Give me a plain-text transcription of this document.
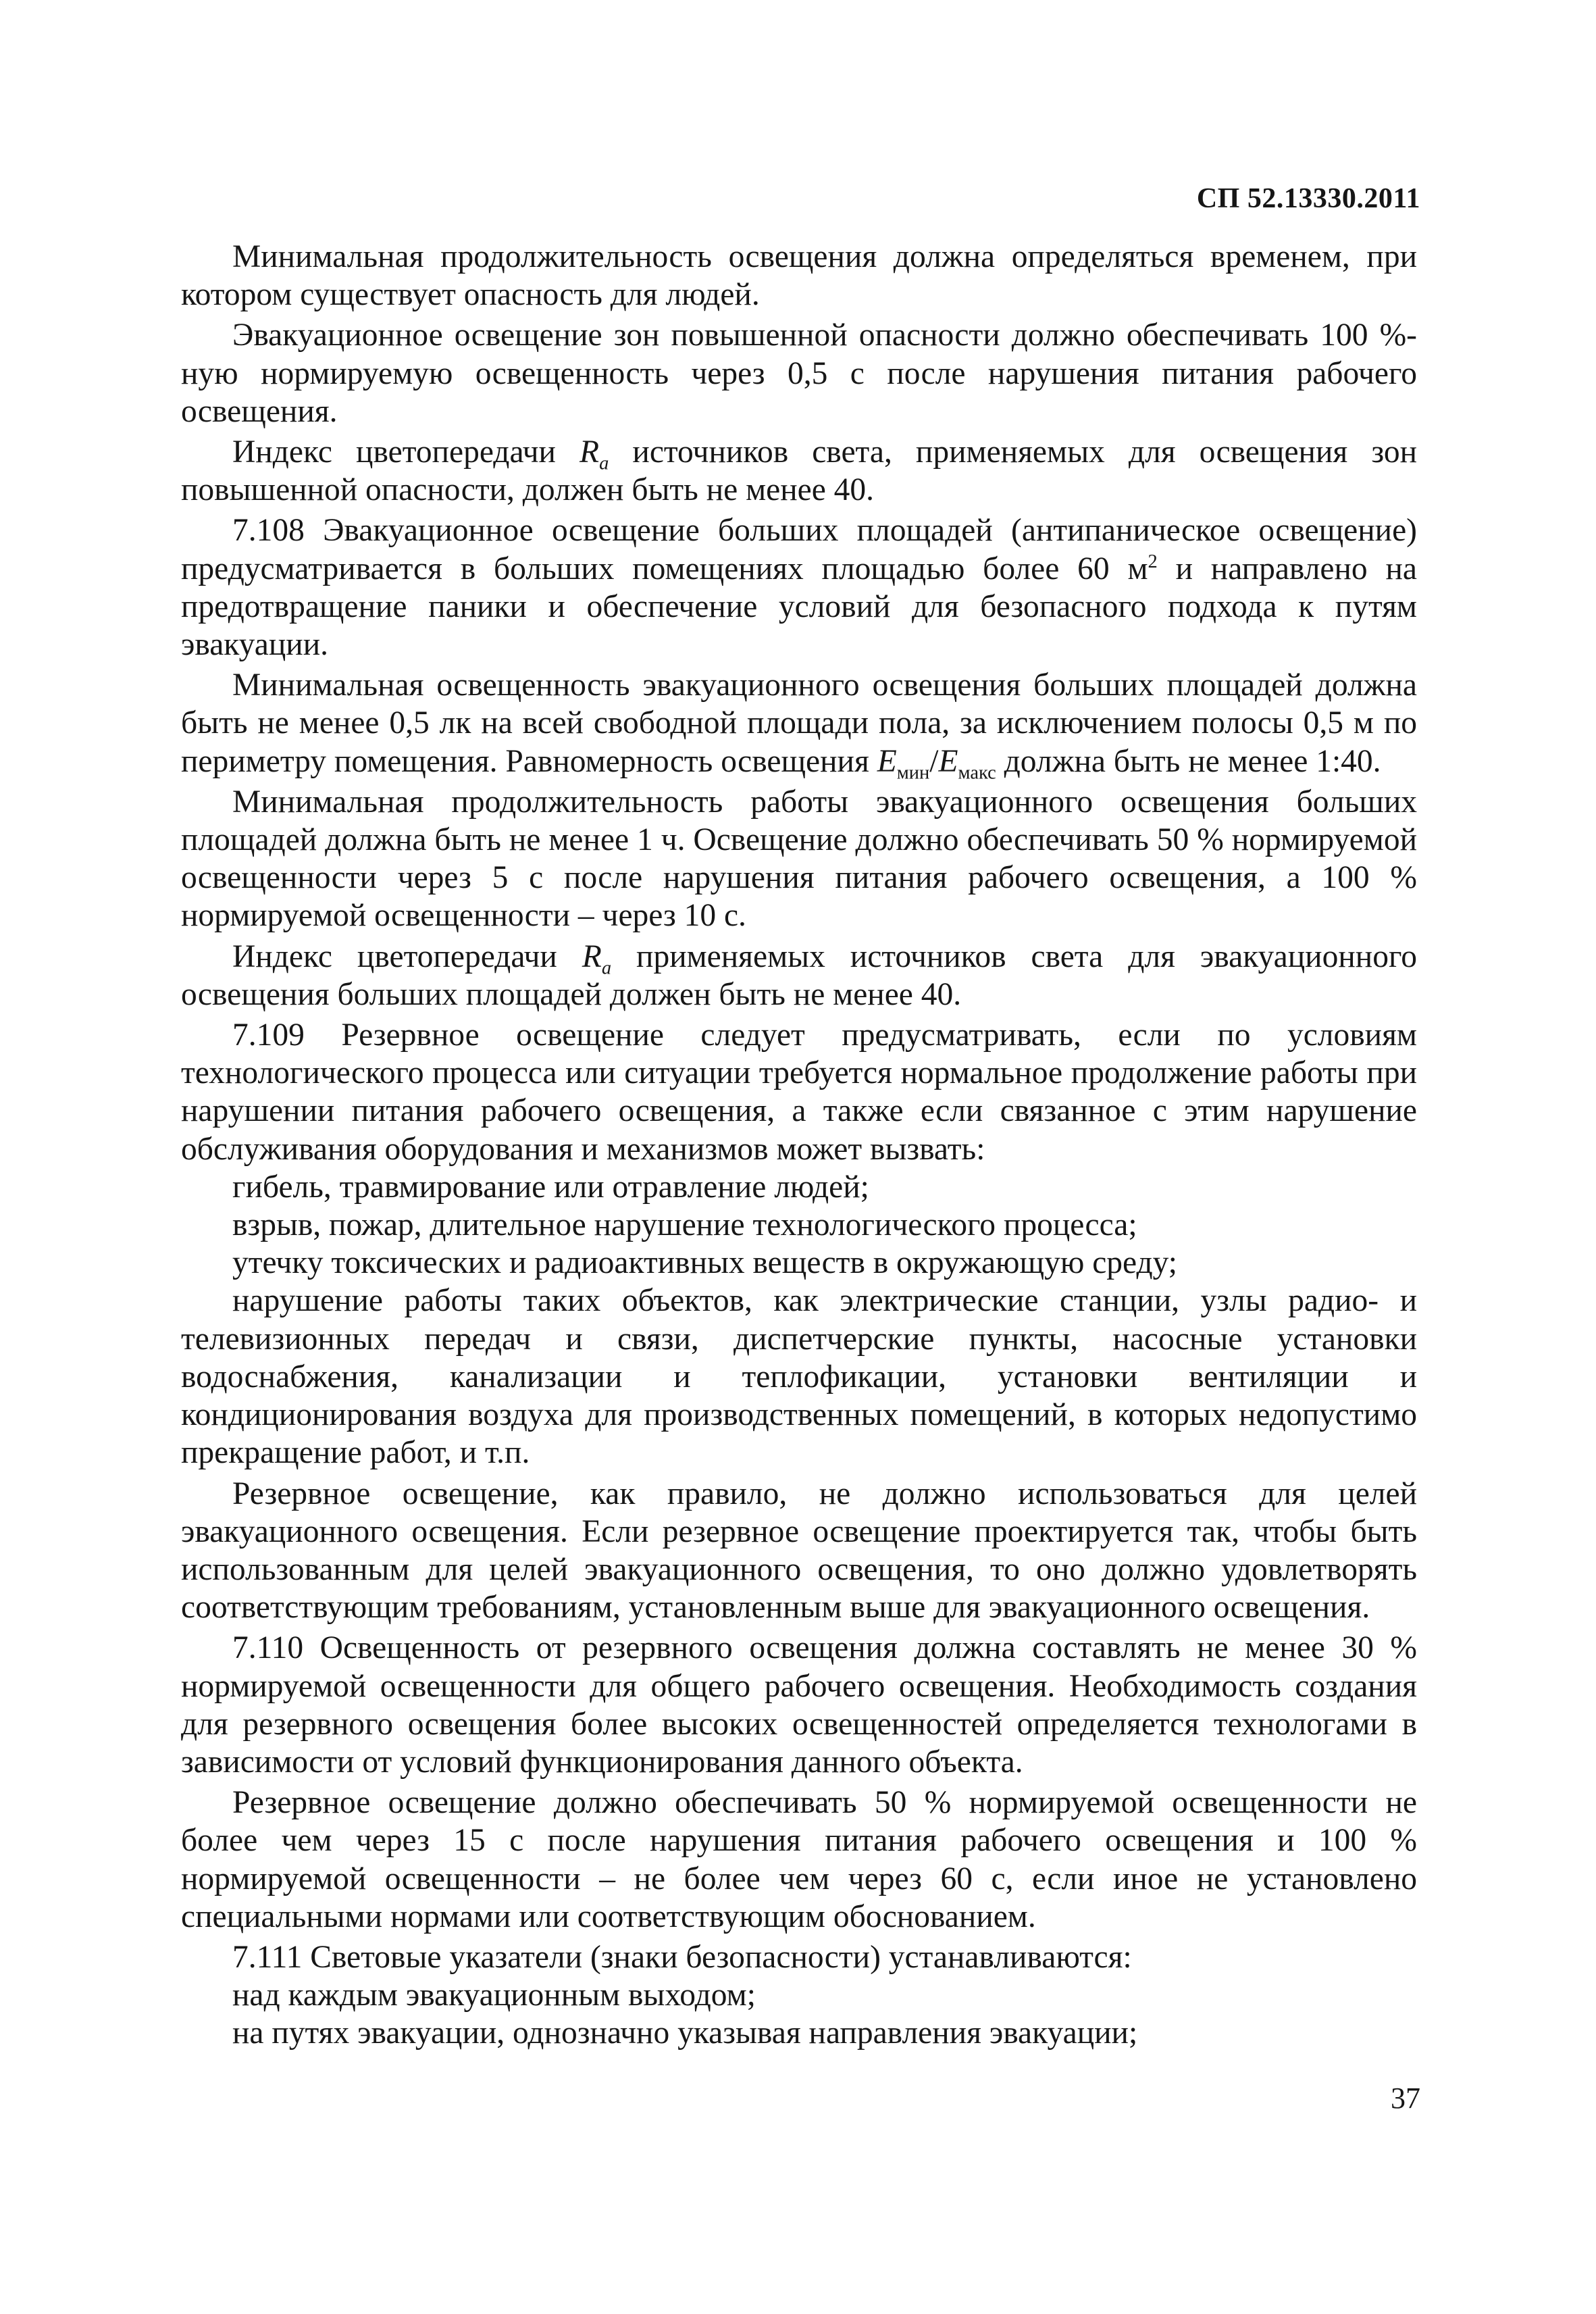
СП 52.13330.2011

Минимальная продолжительность освещения должна определяться временем, при котором существует опасность для людей.

Эвакуационное освещение зон повышенной опасности должно обеспечивать 100 %-ную нормируемую освещенность через 0,5 с после нарушения питания рабочего освещения.

Индекс цветопередачи $R_a$ источников света, применяемых для освещения зон повышенной опасности, должен быть не менее 40.

7.108 Эвакуационное освещение больших площадей (антипаническое освещение) предусматривается в больших помещениях площадью более 60 $м^2$ и направлено на предотвращение паники и обеспечение условий для безопасного подхода к путям эвакуации.

Минимальная освещенность эвакуационного освещения больших площадей должна быть не менее 0,5 лк на всей свободной площади пола, за исключением полосы 0,5 м по периметру помещения. Равномерность освещения $E_{мин}/E_{макс}$ должна быть не менее 1:40.

Минимальная продолжительность работы эвакуационного освещения больших площадей должна быть не менее 1 ч. Освещение должно обеспечивать 50 % нормируемой освещенности через 5 с после нарушения питания рабочего освещения, а 100 % нормируемой освещенности – через 10 с.

Индекс цветопередачи $R_a$ применяемых источников света для эвакуационного освещения больших площадей должен быть не менее 40.

7.109 Резервное освещение следует предусматривать, если по условиям технологического процесса или ситуации требуется нормальное продолжение работы при нарушении питания рабочего освещения, а также если связанное с этим нарушение обслуживания оборудования и механизмов может вызвать:

гибель, травмирование или отравление людей;

взрыв, пожар, длительное нарушение технологического процесса;

утечку токсических и радиоактивных веществ в окружающую среду;

нарушение работы таких объектов, как электрические станции, узлы радио- и телевизионных передач и связи, диспетчерские пункты, насосные установки водоснабжения, канализации и теплофикации, установки вентиляции и кондиционирования воздуха для производственных помещений, в которых недопустимо прекращение работ, и т.п.

Резервное освещение, как правило, не должно использоваться для целей эвакуационного освещения. Если резервное освещение проектируется так, чтобы быть использованным для целей эвакуационного освещения, то оно должно удовлетворять соответствующим требованиям, установленным выше для эвакуационного освещения.

7.110 Освещенность от резервного освещения должна составлять не менее 30 % нормируемой освещенности для общего рабочего освещения. Необходимость создания для резервного освещения более высоких освещенностей определяется технологами в зависимости от условий функционирования данного объекта.

Резервное освещение должно обеспечивать 50 % нормируемой освещенности не более чем через 15 с после нарушения питания рабочего освещения и 100 % нормируемой освещенности – не более чем через 60 с, если иное не установлено специальными нормами или соответствующим обоснованием.

7.111 Световые указатели (знаки безопасности) устанавливаются:

над каждым эвакуационным выходом;

на путях эвакуации, однозначно указывая направления эвакуации;

37
